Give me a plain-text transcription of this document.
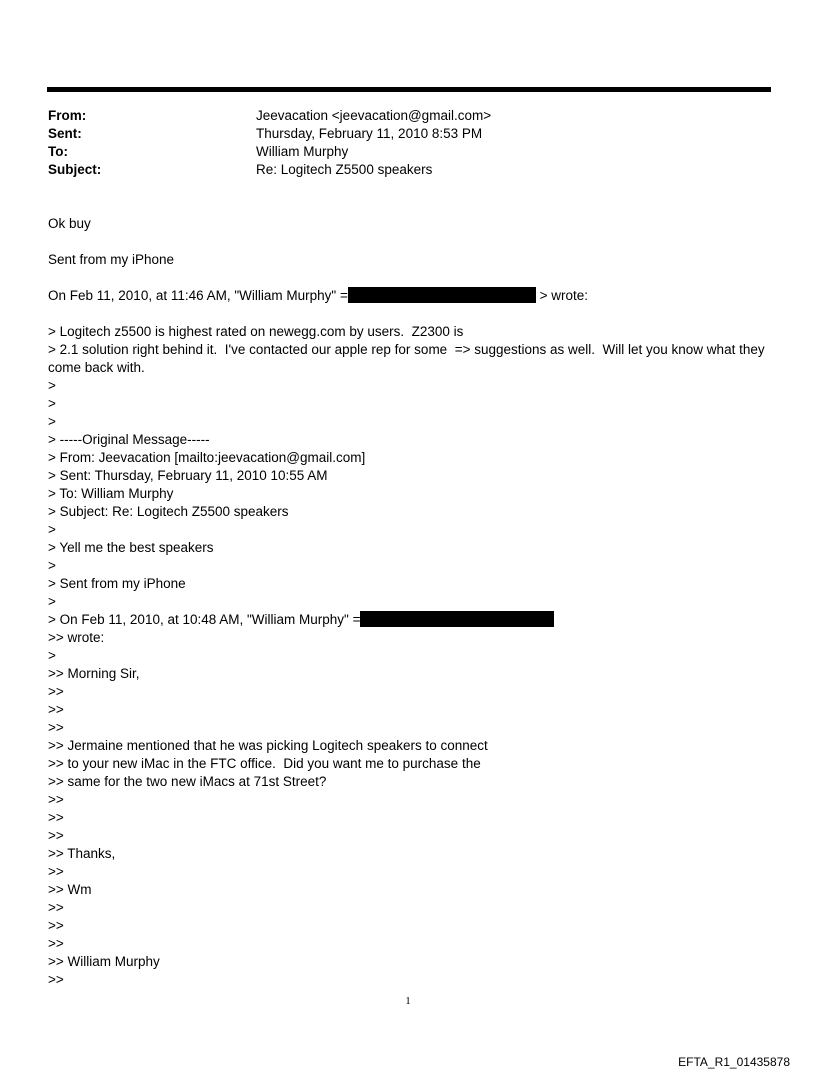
From:	Jeevacation <jeevacation@gmail.com>
Sent:	Thursday, February 11, 2010 8:53 PM
To:	William Murphy
Subject:	Re: Logitech Z5500 speakers
Ok buy
Sent from my iPhone
On Feb 11, 2010, at 11:46 AM, "William Murphy" =	> wrote:
> Logitech z5500 is highest rated on newegg.com by users.  Z2300 is
> 2.1 solution right behind it.  I've contacted our apple rep for some  => suggestions as well.  Will let you know what they come back with.
>
>
>
> -----Original Message-----
> From: Jeevacation [mailto:jeevacation@gmail.com]
> Sent: Thursday, February 11, 2010 10:55 AM
> To: William Murphy
> Subject: Re: Logitech Z5500 speakers
>
> Yell me the best speakers
>
> Sent from my iPhone
>
> On Feb 11, 2010, at 10:48 AM, "William Murphy" =
>> wrote:
>
>> Morning Sir,
>>
>>
>>
>> Jermaine mentioned that he was picking Logitech speakers to connect
>> to your new iMac in the FTC office.  Did you want me to purchase the
>> same for the two new iMacs at 71st Street?
>>
>>
>>
>> Thanks,
>>
>> Wm
>>
>>
>>
>> William Murphy
>>
1
EFTA_R1_01435878
